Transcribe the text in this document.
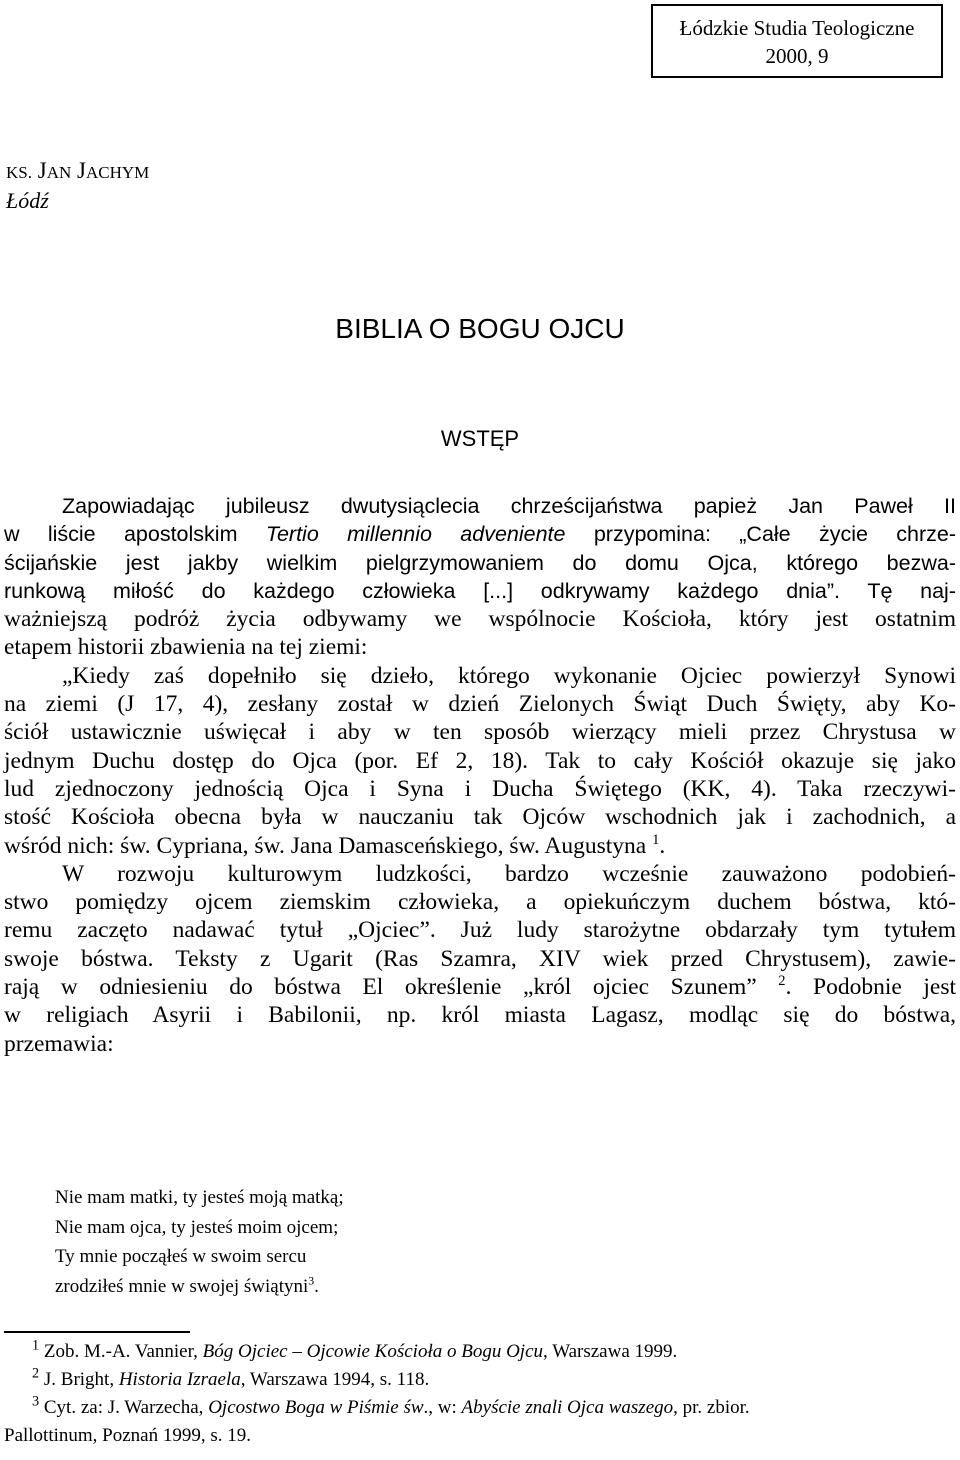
Łódzkie Studia Teologiczne
2000, 9
KS. JAN JACHYM
Łódź
BIBLIA O BOGU OJCU
WSTĘP
Zapowiadając jubileusz dwutysiąclecia chrześcijaństwa papież Jan Paweł II
w liście apostolskim Tertio millennio adveniente przypomina: „Całe życie chrze-
ścijańskie jest jakby wielkim pielgrzymowaniem do domu Ojca, którego bezwa-
runkową miłość do każdego człowieka [...] odkrywamy każdego dnia”. Tę naj-
ważniejszą podróż życia odbywamy we wspólnocie Kościoła, który jest ostatnim
etapem historii zbawienia na tej ziemi:
„Kiedy zaś dopełniło się dzieło, którego wykonanie Ojciec powierzył Synowi
na ziemi (J 17, 4), zesłany został w dzień Zielonych Świąt Duch Święty, aby Ko-
ściół ustawicznie uświęcał i aby w ten sposób wierzący mieli przez Chrystusa w
jednym Duchu dostęp do Ojca (por. Ef 2, 18). Tak to cały Kościół okazuje się jako
lud zjednoczony jednością Ojca i Syna i Ducha Świętego (KK, 4). Taka rzeczywi-
stość Kościoła obecna była w nauczaniu tak Ojców wschodnich jak i zachodnich, a
wśród nich: św. Cypriana, św. Jana Damasceńskiego, św. Augustyna $^1$.
W rozwoju kulturowym ludzkości, bardzo wcześnie zauważono podobień-
stwo pomiędzy ojcem ziemskim człowieka, a opiekuńczym duchem bóstwa, któ-
remu zaczęto nadawać tytuł „Ojciec”. Już ludy starożytne obdarzały tym tytułem
swoje bóstwa. Teksty z Ugarit (Ras Szamra, XIV wiek przed Chrystusem), zawie-
rają w odniesieniu do bóstwa El określenie „król ojciec Szunem” $^2$. Podobnie jest
w religiach Asyrii i Babilonii, np. król miasta Lagasz, modląc się do bóstwa,
przemawia:
Nie mam matki, ty jesteś moją matką;
Nie mam ojca, ty jesteś moim ojcem;
Ty mnie począłeś w swoim sercu
zrodziłeś mnie w swojej świątyni$^3$.
$^1$ Zob. M.-A. Vannier, Bóg Ojciec – Ojcowie Kościoła o Bogu Ojcu, Warszawa 1999.
$^2$ J. Bright, Historia Izraela, Warszawa 1994, s. 118.
$^3$ Cyt. za: J. Warzecha, Ojcostwo Boga w Piśmie św., w: Abyście znali Ojca waszego, pr. zbior.
Pallottinum, Poznań 1999, s. 19.
